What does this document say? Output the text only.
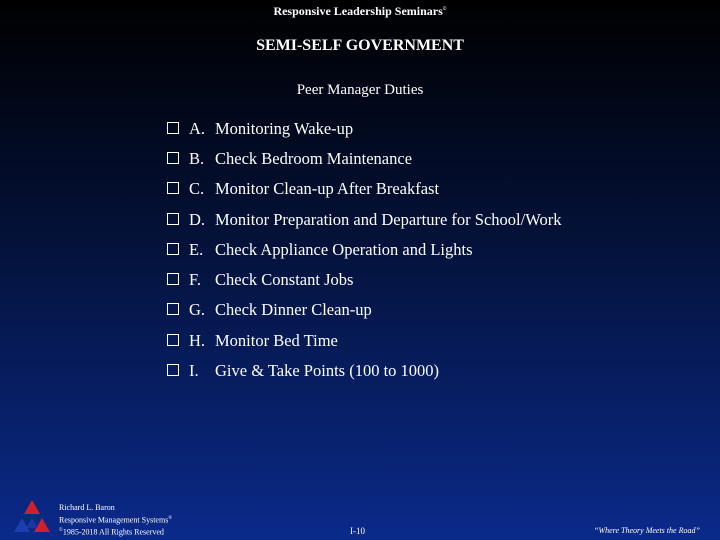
Responsive Leadership Seminars©
SEMI-SELF GOVERNMENT
Peer Manager Duties
A. Monitoring Wake-up
B. Check Bedroom Maintenance
C. Monitor Clean-up After Breakfast
D. Monitor Preparation and Departure for School/Work
E. Check Appliance Operation and Lights
F. Check Constant Jobs
G. Check Dinner Clean-up
H. Monitor Bed Time
I. Give & Take Points (100 to 1000)
Richard L. Baron
Responsive Management Systems®
©1985-2018 All Rights Reserved	I-10	“Where Theory Meets the Road”
